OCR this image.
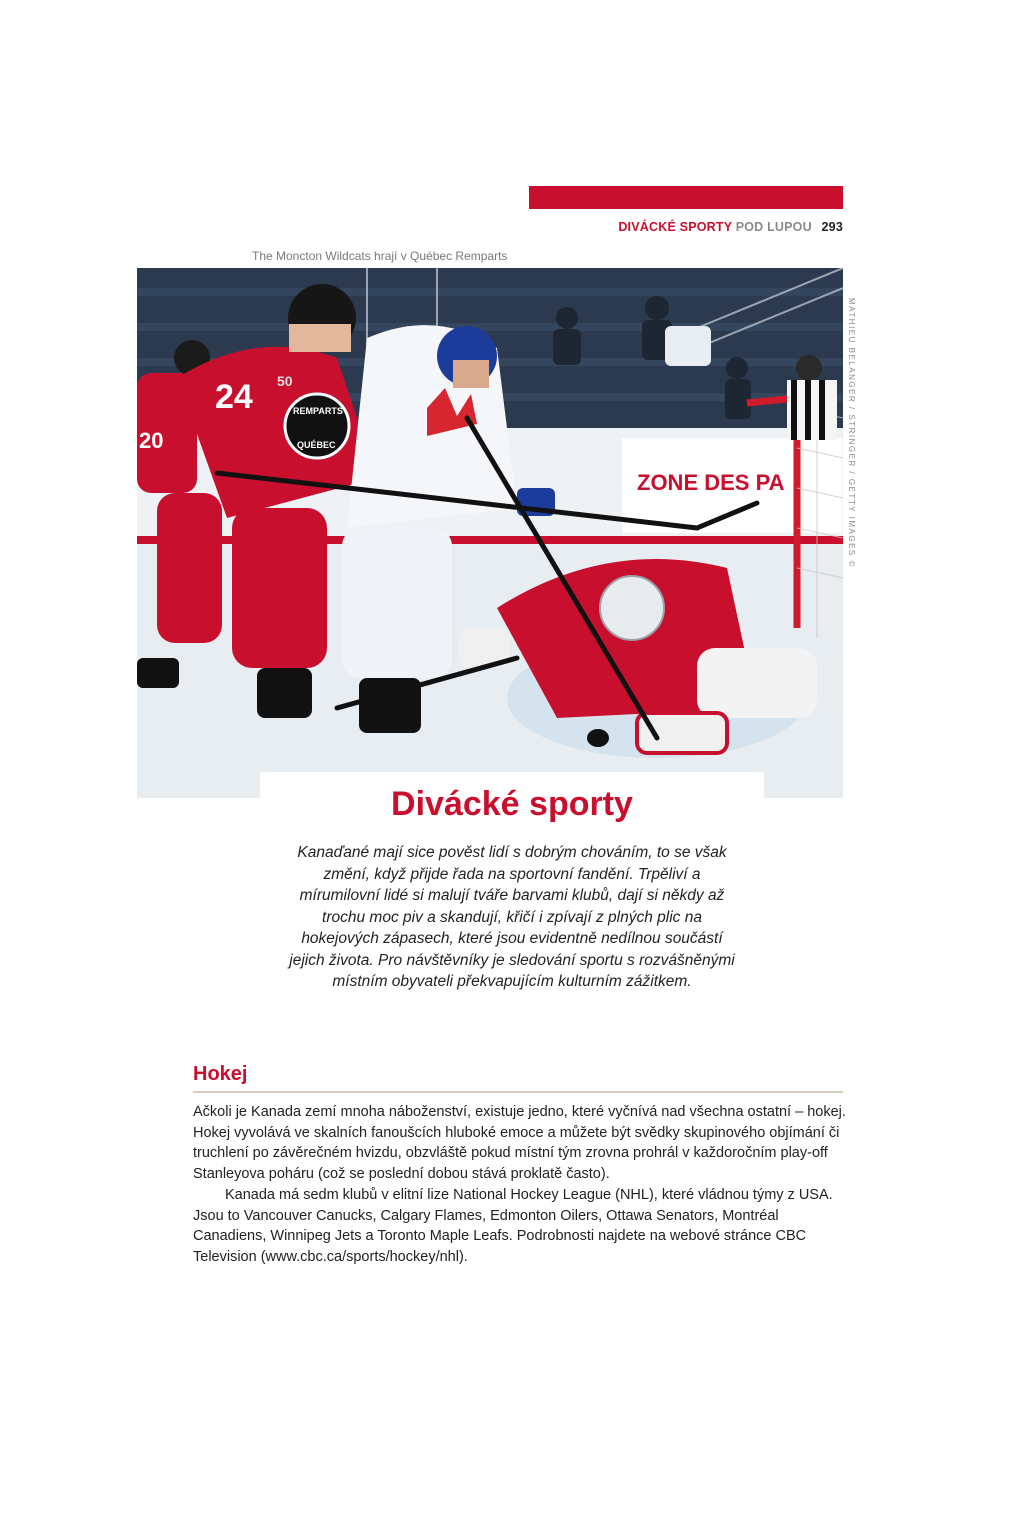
DIVÁCKÉ SPORTY POD LUPOU 293
The Moncton Wildcats hrají v Québec Remparts
ZONE DES PA
20
24	REMPARTS
QUÉBEC
50	MATHIEU BELANGER / STRINGER / GETTY IMAGES ©
Divácké sporty

Kanaďané mají sice pověst lidí s dobrým chováním, to se však změní, když přijde řada na sportovní fandění. Trpěliví a mírumilovní lidé si malují tváře barvami klubů, dají si někdy až trochu moc piv a skandují, křičí i zpívají z plných plic na hokejových zápasech, které jsou evidentně nedílnou součástí jejich života. Pro návštěvníky je sledování sportu s rozvášněnými místním obyvateli překvapujícím kulturním zážitkem.

Hokej
Ačkoli je Kanada zemí mnoha náboženství, existuje jedno, které vyčnívá nad všechna ostatní – hokej. Hokej vyvolává ve skalních fanoušcích hluboké emoce a můžete být svědky skupinového objímání či truchlení po závěrečném hvizdu, obzvláště pokud místní tým zrovna prohrál v každoročním play-off Stanleyova poháru (což se poslední dobou stává proklatě často).
Kanada má sedm klubů v elitní lize National Hockey League (NHL), které vládnou týmy z USA. Jsou to Vancouver Canucks, Calgary Flames, Edmonton Oilers, Ottawa Senators, Montréal Canadiens, Winnipeg Jets a Toronto Maple Leafs. Podrobnosti najdete na webové stránce CBC Television (www.cbc.ca/sports/hockey/nhl).
